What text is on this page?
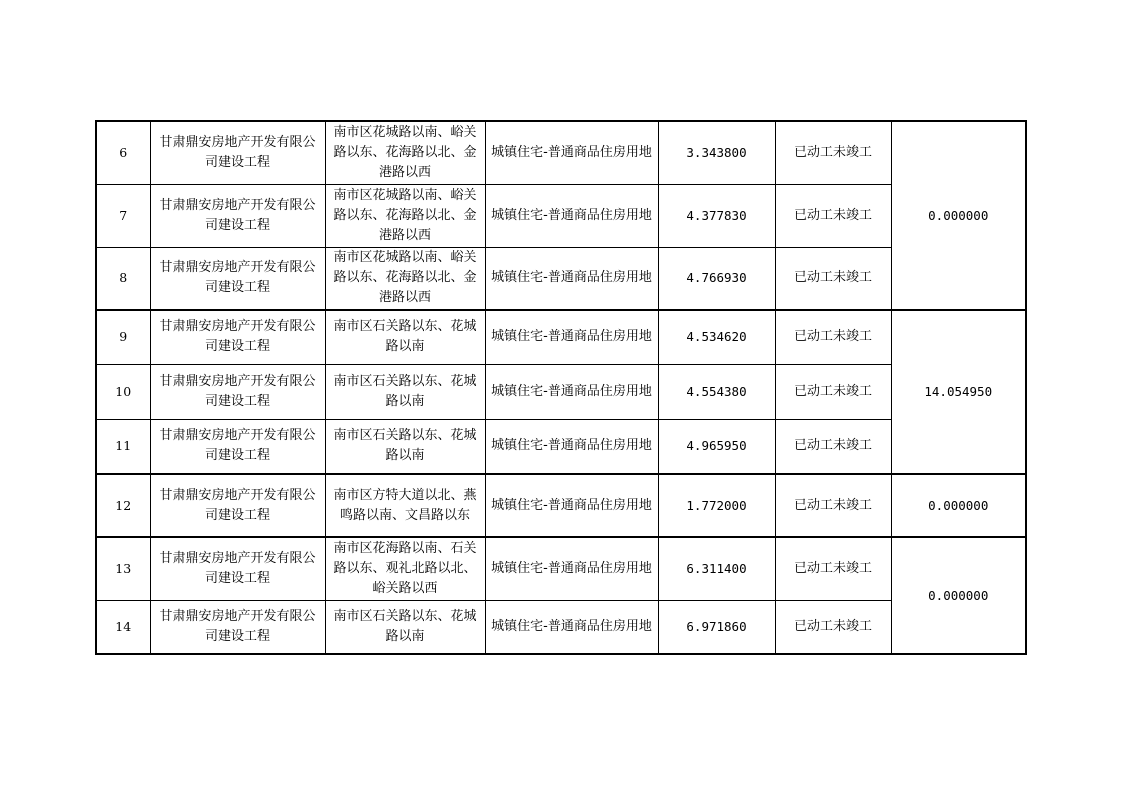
6	甘肃鼎安房地产开发有限公司建设工程	南市区花城路以南、峪关路以东、花海路以北、金港路以西	城镇住宅-普通商品住房用地	3.343800	已动工未竣工	0.000000
7	甘肃鼎安房地产开发有限公司建设工程	南市区花城路以南、峪关路以东、花海路以北、金港路以西	城镇住宅-普通商品住房用地	4.377830	已动工未竣工	
8	甘肃鼎安房地产开发有限公司建设工程	南市区花城路以南、峪关路以东、花海路以北、金港路以西	城镇住宅-普通商品住房用地	4.766930	已动工未竣工	
9	甘肃鼎安房地产开发有限公司建设工程	南市区石关路以东、花城路以南	城镇住宅-普通商品住房用地	4.534620	已动工未竣工	14.054950
10	甘肃鼎安房地产开发有限公司建设工程	南市区石关路以东、花城路以南	城镇住宅-普通商品住房用地	4.554380	已动工未竣工	
11	甘肃鼎安房地产开发有限公司建设工程	南市区石关路以东、花城路以南	城镇住宅-普通商品住房用地	4.965950	已动工未竣工	
12	甘肃鼎安房地产开发有限公司建设工程	南市区方特大道以北、燕鸣路以南、文昌路以东	城镇住宅-普通商品住房用地	1.772000	已动工未竣工	0.000000
13	甘肃鼎安房地产开发有限公司建设工程	南市区花海路以南、石关路以东、观礼北路以北、峪关路以西	城镇住宅-普通商品住房用地	6.311400	已动工未竣工	0.000000
14	甘肃鼎安房地产开发有限公司建设工程	南市区石关路以东、花城路以南	城镇住宅-普通商品住房用地	6.971860	已动工未竣工	
